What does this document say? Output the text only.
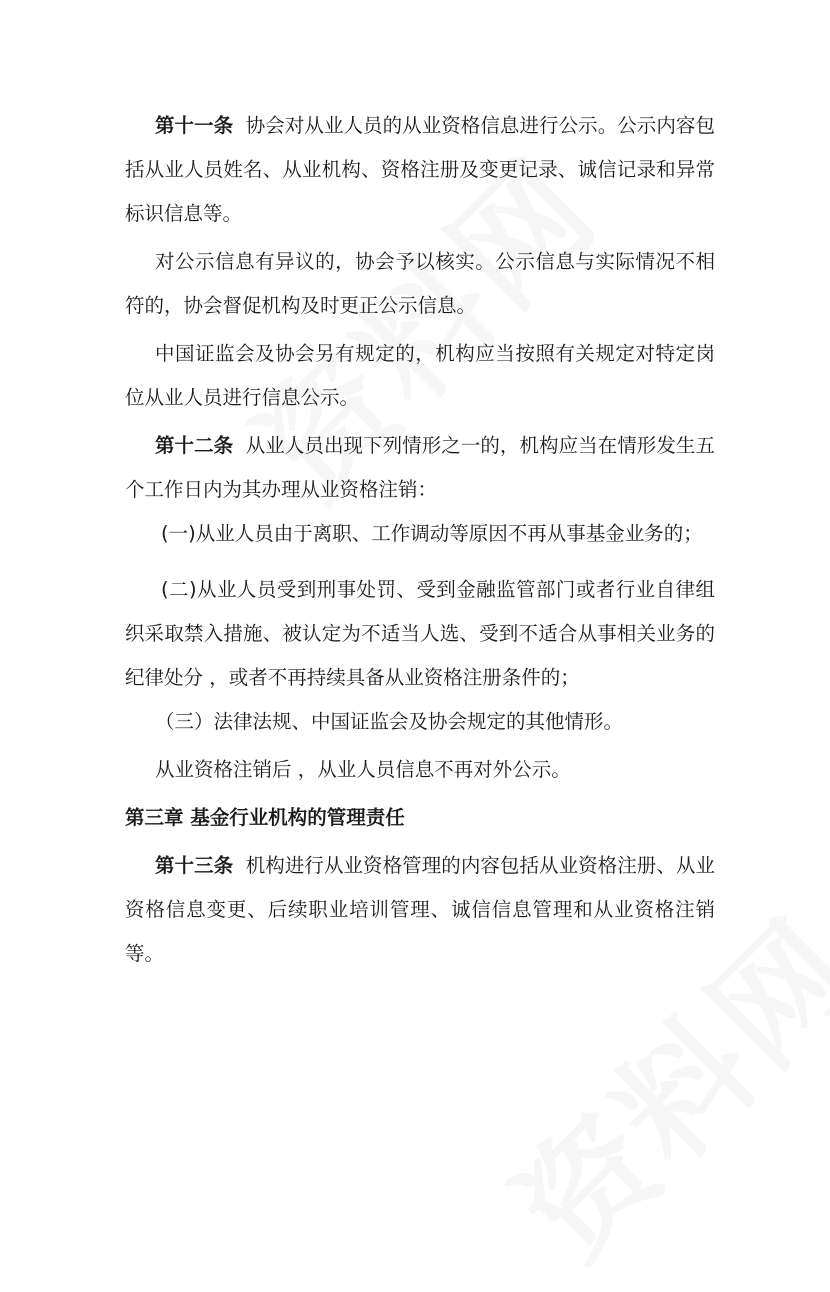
第十一条 协会对从业人员的从业资格信息进行公示。公示内容包括从业人员姓名、从业机构、资格注册及变更记录、诚信记录和异常标识信息等。

对公示信息有异议的，协会予以核实。公示信息与实际情况不相符的，协会督促机构及时更正公示信息。

中国证监会及协会另有规定的，机构应当按照有关规定对特定岗位从业人员进行信息公示。

第十二条 从业人员出现下列情形之一的，机构应当在情形发生五个工作日内为其办理从业资格注销：

(一)从业人员由于离职、工作调动等原因不再从事基金业务的；

(二)从业人员受到刑事处罚、受到金融监管部门或者行业自律组织采取禁入措施、被认定为不适当人选、受到不适合从事相关业务的纪律处分 ，或者不再持续具备从业资格注册条件的；

（三）法律法规、中国证监会及协会规定的其他情形。

从业资格注销后 ，从业人员信息不再对外公示。

第三章 基金行业机构的管理责任

第十三条 机构进行从业资格管理的内容包括从业资格注册、从业资格信息变更、后续职业培训管理、诚信信息管理和从业资格注销等。
